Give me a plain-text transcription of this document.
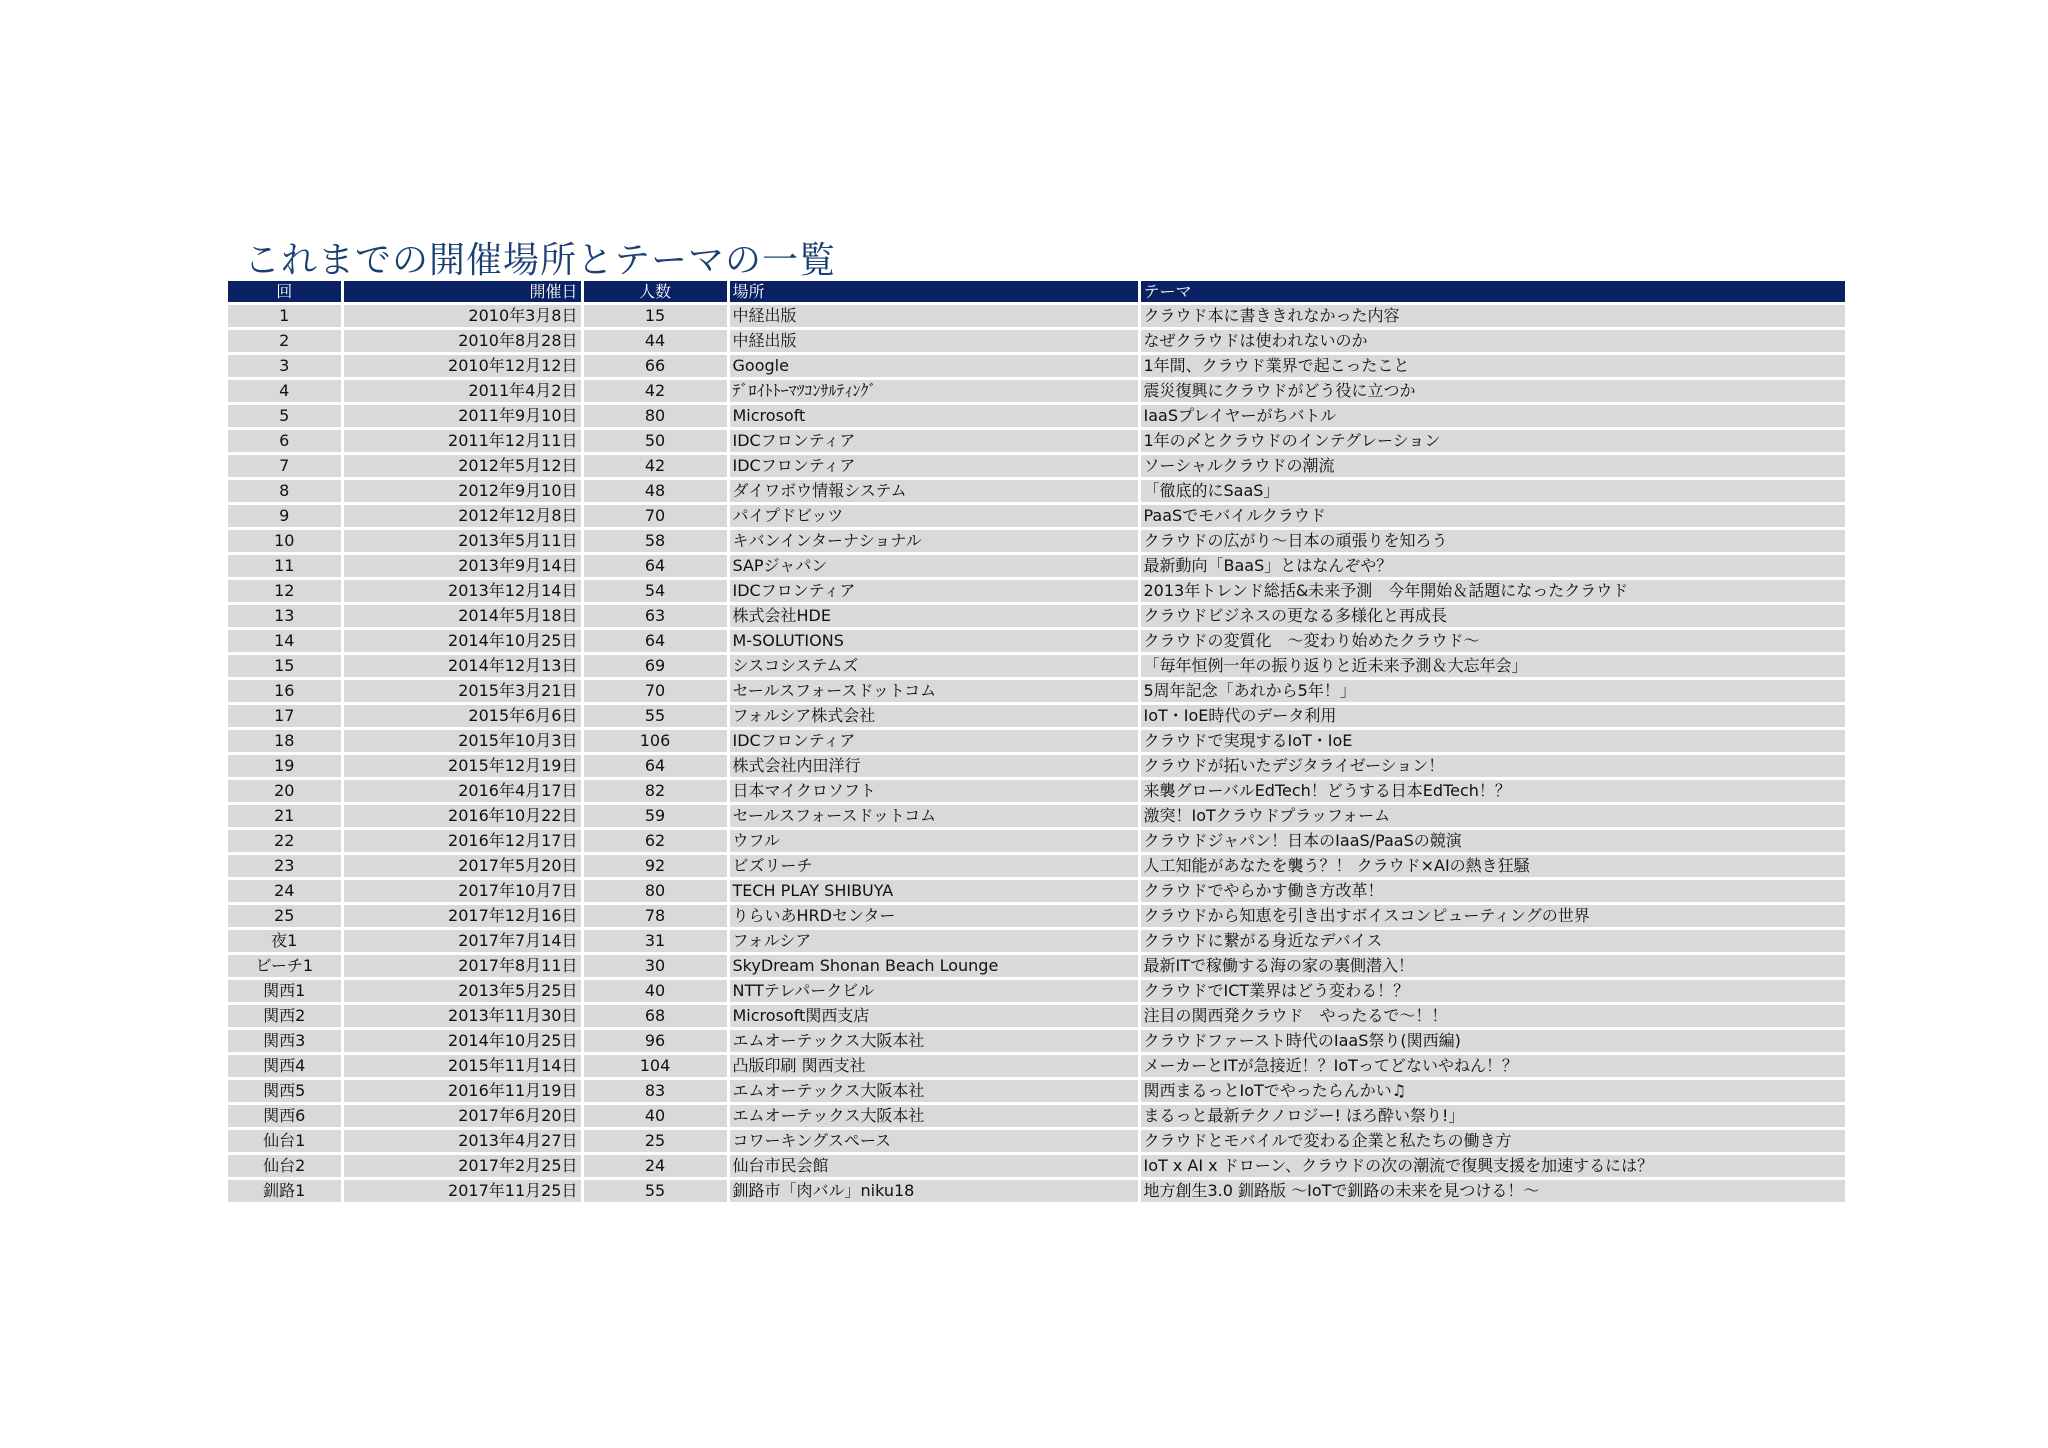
これまでの開催場所とテーマの一覧
回	開催日	人数	場所	テーマ
1	2010年3月8日	15	中経出版	クラウド本に書ききれなかった内容
2	2010年8月28日	44	中経出版	なぜクラウドは使われないのか
3	2010年12月12日	66	Google	1年間、クラウド業界で起こったこと
4	2011年4月2日	42	ﾃﾞﾛｲﾄﾄｰﾏﾂｺﾝｻﾙﾃｨﾝｸﾞ	震災復興にクラウドがどう役に立つか
5	2011年9月10日	80	Microsoft	IaaSプレイヤーがちバトル
6	2011年12月11日	50	IDCフロンティア	1年の〆とクラウドのインテグレーション
7	2012年5月12日	42	IDCフロンティア	ソーシャルクラウドの潮流
8	2012年9月10日	48	ダイワボウ情報システム	「徹底的にSaaS」
9	2012年12月8日	70	パイプドビッツ	PaaSでモバイルクラウド
10	2013年5月11日	58	キバンインターナショナル	クラウドの広がり～日本の頑張りを知ろう
11	2013年9月14日	64	SAPジャパン	最新動向「BaaS」とはなんぞや？
12	2013年12月14日	54	IDCフロンティア	2013年トレンド総括&未来予測　今年開始＆話題になったクラウド
13	2014年5月18日	63	株式会社HDE	クラウドビジネスの更なる多様化と再成長
14	2014年10月25日	64	M-SOLUTIONS	クラウドの変質化　～変わり始めたクラウド～
15	2014年12月13日	69	シスコシステムズ	「毎年恒例一年の振り返りと近未来予測＆大忘年会」
16	2015年3月21日	70	セールスフォースドットコム	5周年記念「あれから5年！」
17	2015年6月6日	55	フォルシア株式会社	IoT・IoE時代のデータ利用
18	2015年10月3日	106	IDCフロンティア	クラウドで実現するIoT・IoE
19	2015年12月19日	64	株式会社内田洋行	クラウドが拓いたデジタライゼーション！
20	2016年4月17日	82	日本マイクロソフト	来襲グローバルEdTech！どうする日本EdTech！？
21	2016年10月22日	59	セールスフォースドットコム	激突！IoTクラウドプラッフォーム
22	2016年12月17日	62	ウフル	クラウドジャパン！日本のIaaS/PaaSの競演
23	2017年5月20日	92	ビズリーチ	人工知能があなたを襲う？！ クラウド×AIの熱き狂騒
24	2017年10月7日	80	TECH PLAY SHIBUYA	クラウドでやらかす働き方改革！
25	2017年12月16日	78	りらいあHRDセンター	クラウドから知恵を引き出すボイスコンピューティングの世界
夜1	2017年7月14日	31	フォルシア	クラウドに繋がる身近なデバイス
ビーチ1	2017年8月11日	30	SkyDream Shonan Beach Lounge	最新ITで稼働する海の家の裏側潜入！
関西1	2013年5月25日	40	NTTテレパークビル	クラウドでICT業界はどう変わる！？
関西2	2013年11月30日	68	Microsoft関西支店	注目の関西発クラウド　やったるで～！！
関西3	2014年10月25日	96	エムオーテックス大阪本社	クラウドファースト時代のIaaS祭り(関西編)
関西4	2015年11月14日	104	凸版印刷 関西支社	メーカーとITが急接近！？IoTってどないやねん！？
関西5	2016年11月19日	83	エムオーテックス大阪本社	関西まるっとIoTでやったらんかい♫
関西6	2017年6月20日	40	エムオーテックス大阪本社	まるっと最新テクノロジー! ほろ酔い祭り!」
仙台1	2013年4月27日	25	コワーキングスペース	クラウドとモバイルで変わる企業と私たちの働き方
仙台2	2017年2月25日	24	仙台市民会館	IoT x AI x ドローン、クラウドの次の潮流で復興支援を加速するには？
釧路1	2017年11月25日	55	釧路市「肉バル」niku18	地方創生3.0 釧路版 ～IoTで釧路の未来を見つける！～
